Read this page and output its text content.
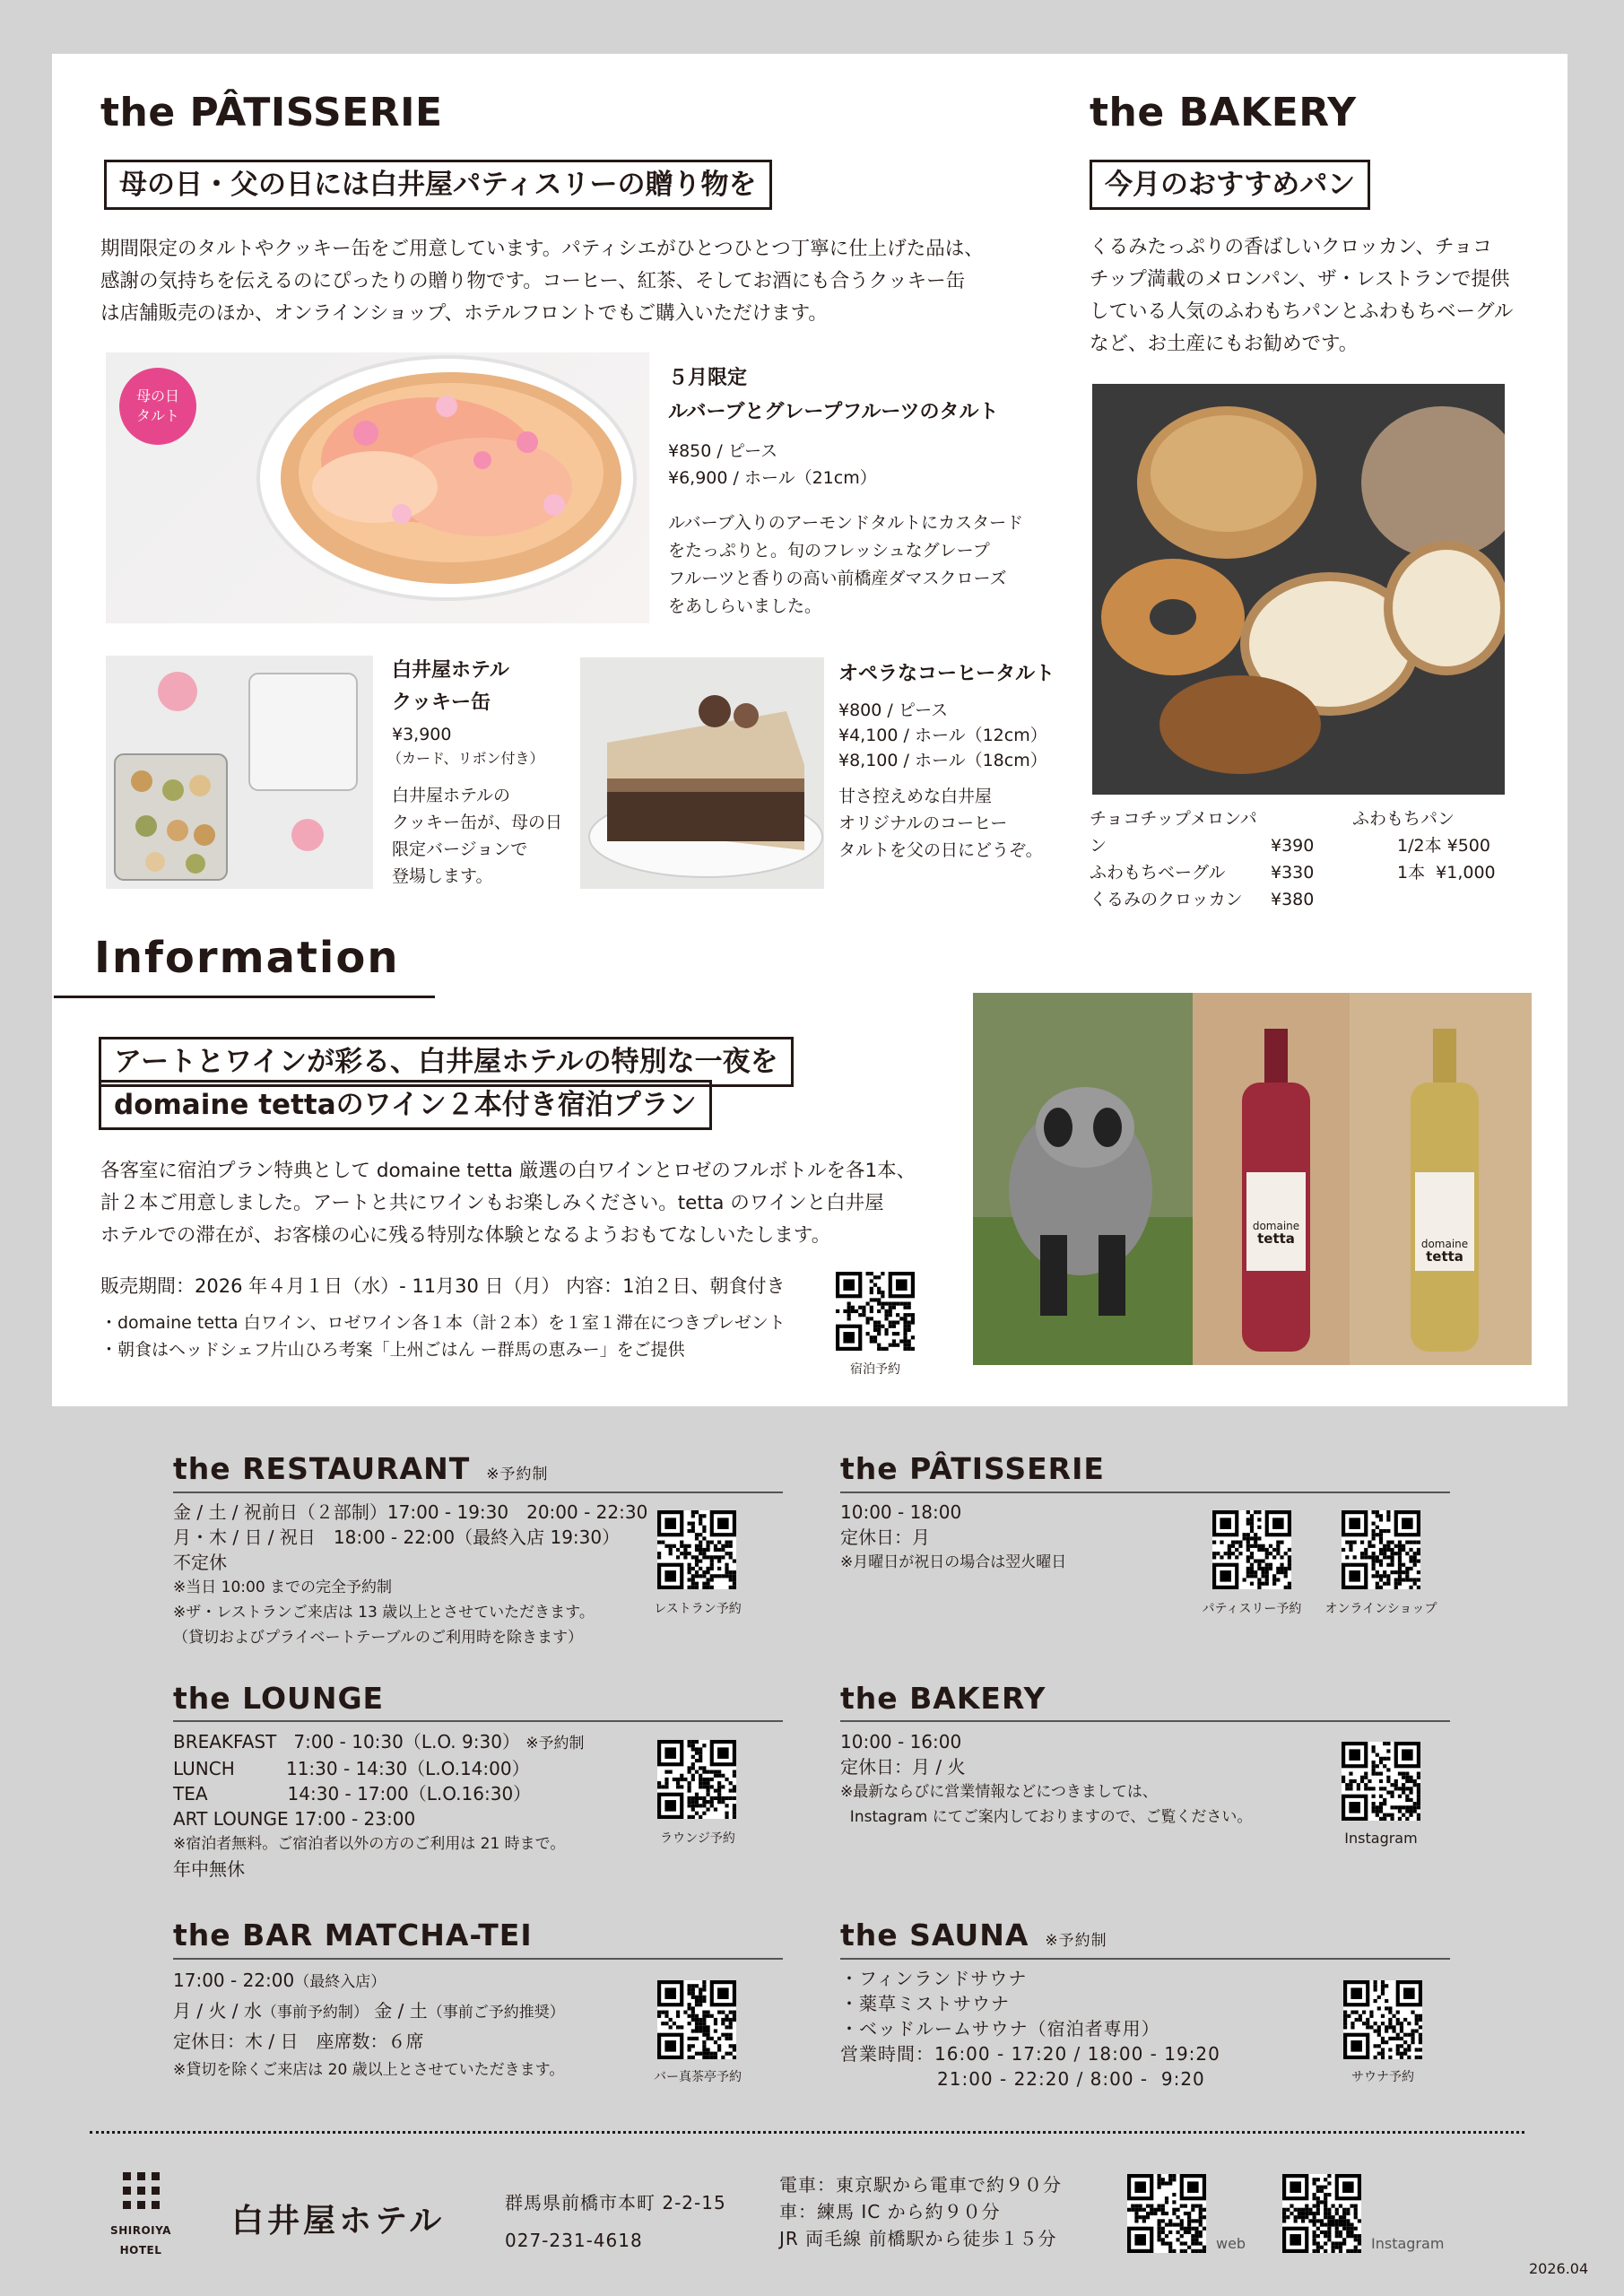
the PÂTISSERIE
母の日・父の日には白井屋パティスリーの贈り物を
期間限定のタルトやクッキー缶をご用意しています。パティシエがひとつひとつ丁寧に仕上げた品は、
感謝の気持ちを伝えるのにぴったりの贈り物です。コーヒー、紅茶、そしてお酒にも合うクッキー缶
は店舗販売のほか、オンラインショップ、ホテルフロントでもご購入いただけます。
母の日
タルト
５月限定
ルバーブとグレープフルーツのタルト
¥850 / ピース
¥6,900 / ホール（21cm）
ルバーブ入りのアーモンドタルトにカスタード
をたっぷりと。旬のフレッシュなグレープ
フルーツと香りの高い前橋産ダマスクローズ
をあしらいました。
白井屋ホテル
クッキー缶
¥3,900
（カード、リボン付き）
白井屋ホテルの
クッキー缶が、母の日
限定バージョンで
登場します。
オペラなコーヒータルト
¥800 / ピース
¥4,100 / ホール（12cm）
¥8,100 / ホール（18cm）
甘さ控えめな白井屋
オリジナルのコーヒー
タルトを父の日にどうぞ。
the BAKERY
今月のおすすめパン
くるみたっぷりの香ばしいクロッカン、チョコ
チップ満載のメロンパン、ザ・レストランで提供
している人気のふわもちパンとふわもちベーグル
など、お土産にもお勧めです。
チョコチップメロンパン	¥390
ふわもちベーグル	¥330
くるみのクロッカン ¥380
ふわもちパン
1/2本 ¥500
1本  ¥1,000
Information
アートとワインが彩る、白井屋ホテルの特別な一夜を
domaine tettaのワイン２本付き宿泊プラン
各客室に宿泊プラン特典として domaine tetta 厳選の白ワインとロゼのフルボトルを各1本、
計２本ご用意しました。アートと共にワインもお楽しみください。tetta のワインと白井屋
ホテルでの滞在が、お客様の心に残る特別な体験となるようおもてなしいたします。
販売期間：2026 年４月１日（水）- 11月30 日（月） 内容：1泊２日、朝食付き
・domaine tetta 白ワイン、ロゼワイン各１本（計２本）を１室１滞在につきプレゼント
・朝食はヘッドシェフ片山ひろ考案「上州ごはん ー群馬の恵みー」をご提供
宿泊予約
domaine
tetta	domaine
tetta
the RESTAURANT ※予約制
金 / 土 / 祝前日（２部制）17:00 - 19:30　20:00 - 22:30
月・木 / 日 / 祝日　18:00 - 22:00（最終入店 19:30）
不定休
※当日 10:00 までの完全予約制
※ザ・レストランご来店は 13 歳以上とさせていただきます。
（貸切およびプライベートテーブルのご利用時を除きます）
レストラン予約
the PÂTISSERIE
10:00 - 18:00
定休日：月
※月曜日が祝日の場合は翌火曜日
パティスリー予約	オンラインショップ
the LOUNGE
BREAKFAST   7:00 - 10:30（L.O. 9:30） ※予約制
LUNCH         11:30 - 14:30（L.O.14:00）
TEA              14:30 - 17:00（L.O.16:30）
ART LOUNGE 17:00 - 23:00
※宿泊者無料。ご宿泊者以外の方のご利用は 21 時まで。
年中無休
ラウンジ予約
the BAKERY
10:00 - 16:00
定休日：月 / 火
※最新ならびに営業情報などにつきましては、
Instagram にてご案内しておりますので、ご覧ください。
Instagram
the BAR MATCHA-TEI
17:00 - 22:00（最終入店）
月 / 火 / 水（事前予約制） 金 / 土（事前ご予約推奨）
定休日：木 / 日　座席数：６席
※貸切を除くご来店は 20 歳以上とさせていただきます。	バー真茶亭予約
the SAUNA ※予約制
・フィンランドサウナ
・薬草ミストサウナ
・ベッドルームサウナ（宿泊者専用）
営業時間：16:00 - 17:20 / 18:00 - 19:20
21:00 - 22:20 / 8:00 -  9:20	サウナ予約
SHIROIYA
HOTEL
白井屋ホテル	群馬県前橋市本町 2-2-15
027-231-4618
電車：東京駅から電車で約９０分
車：練馬 IC から約９０分
JR 両毛線 前橋駅から徒歩１５分	web	Instagram
2026.04
